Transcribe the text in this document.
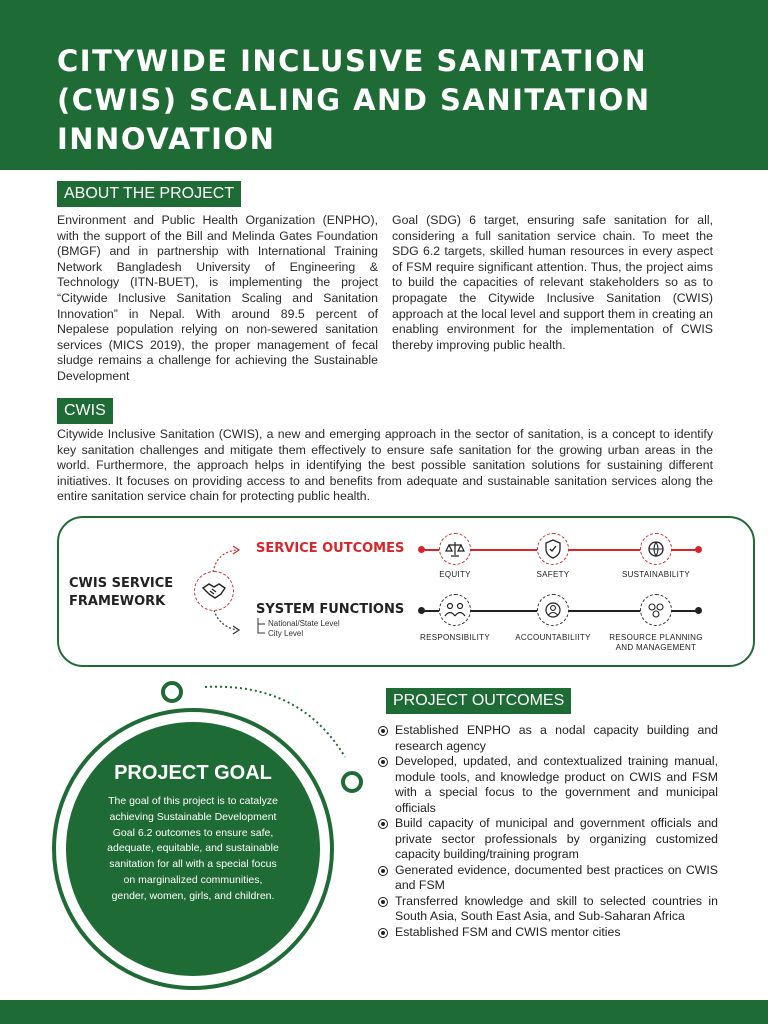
CITYWIDE INCLUSIVE SANITATION (CWIS) SCALING AND SANITATION INNOVATION
ABOUT THE PROJECT

Environment and Public Health Organization (ENPHO), with the support of the Bill and Melinda Gates Foundation (BMGF) and in partnership with International Training Network Bangladesh University of Engineering & Technology (ITN-BUET), is implementing the project “Citywide Inclusive Sanitation Scaling and Sanitation Innovation” in Nepal. With around 89.5 percent of Nepalese population relying on non-sewered sanitation services (MICS 2019), the proper management of fecal sludge remains a challenge for achieving the Sustainable Development

Goal (SDG) 6 target, ensuring safe sanitation for all, considering a full sanitation service chain. To meet the SDG 6.2 targets, skilled human resources in every aspect of FSM require significant attention. Thus, the project aims to build the capacities of relevant stakeholders so as to propagate the Citywide Inclusive Sanitation (CWIS) approach at the local level and support them in creating an enabling environment for the implementation of CWIS thereby improving public health.

CWIS

Citywide Inclusive Sanitation (CWIS), a new and emerging approach in the sector of sanitation, is a concept to identify key sanitation challenges and mitigate them effectively to ensure safe sanitation for the growing urban areas in the world. Furthermore, the approach helps in identifying the best possible sanitation solutions for sustaining different initiatives. It focuses on providing access to and benefits from adequate and sustainable sanitation services along the entire sanitation service chain for protecting public health.

CWIS SERVICE
FRAMEWORK
SERVICE OUTCOMES
EQUITY	SAFETY	SUSTAINABILITY
SYSTEM FUNCTIONS
National/State Level
City Level	RESPONSIBILITY	ACCOUNTABILIITY	RESOURCE PLANNING
AND MANAGEMENT
PROJECT GOAL

The goal of this project is to catalyze achieving Sustainable Development Goal 6.2 outcomes to ensure safe, adequate, equitable, and sustainable sanitation for all with a special focus on marginalized communities, gender, women, girls, and children.

PROJECT OUTCOMES
Established ENPHO as a nodal capacity building and research agency
Developed, updated, and contextualized training manual, module tools, and knowledge product on CWIS and FSM with a special focus to the government and municipal officials
Build capacity of municipal and government officials and private sector professionals by organizing customized capacity building/training program
Generated evidence, documented best practices on CWIS and FSM
Transferred knowledge and skill to selected countries in South Asia, South East Asia, and Sub-Saharan Africa
Established FSM and CWIS mentor cities
